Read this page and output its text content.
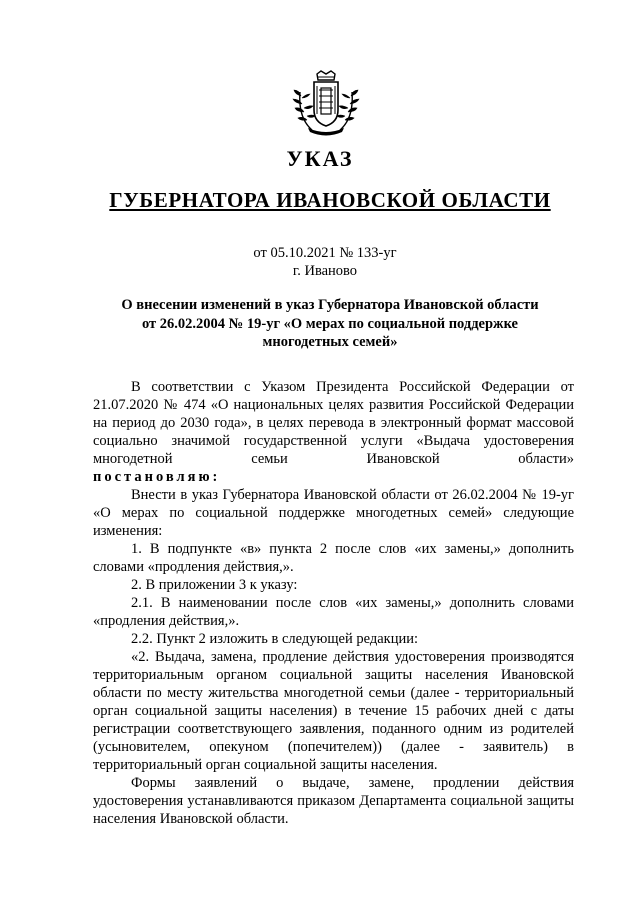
УКАЗ
ГУБЕРНАТОРА ИВАНОВСКОЙ ОБЛАСТИ
от 05.10.2021 № 133-уг
г. Иваново
О внесении изменений в указ Губернатора Ивановской области
от 26.02.2004 № 19-уг «О мерах по социальной поддержке
многодетных семей»

В соответствии с Указом Президента Российской Федерации от 21.07.2020 № 474 «О национальных целях развития Российской Федерации на период до 2030 года», в целях перевода в электронный формат массовой социально значимой государственной услуги «Выдача удостоверения многодетной семьи Ивановской области»

постановляю:

Внести в указ Губернатора Ивановской области от 26.02.2004 № 19-уг «О мерах по социальной поддержке многодетных семей» следующие изменения:

1. В подпункте «в» пункта 2 после слов «их замены,» дополнить словами «продления действия,».

2. В приложении 3 к указу:

2.1. В наименовании после слов «их замены,» дополнить словами «продления действия,».

2.2. Пункт 2 изложить в следующей редакции:

«2. Выдача, замена, продление действия удостоверения производятся территориальным органом социальной защиты населения Ивановской области по месту жительства многодетной семьи (далее - территориальный орган социальной защиты населения) в течение 15 рабочих дней с даты регистрации соответствующего заявления, поданного одним из родителей (усыновителем, опекуном (попечителем)) (далее - заявитель) в территориальный орган социальной защиты населения.

Формы заявлений о выдаче, замене, продлении действия удостоверения устанавливаются приказом Департамента социальной защиты населения Ивановской области.
